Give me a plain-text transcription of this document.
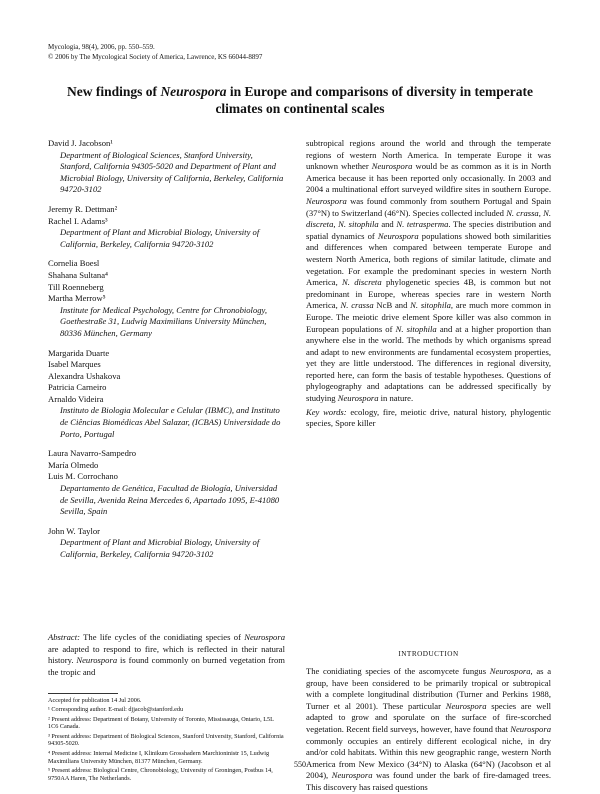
Mycologia, 98(4), 2006, pp. 550–559.
© 2006 by The Mycological Society of America, Lawrence, KS 66044-8897
New findings of Neurospora in Europe and comparisons of diversity in temperate climates on continental scales
David J. Jacobson¹
Department of Biological Sciences, Stanford University, Stanford, California 94305-5020 and Department of Plant and Microbial Biology, University of California, Berkeley, California 94720-3102
Jeremy R. Dettman²
Rachel I. Adams³
Department of Plant and Microbial Biology, University of California, Berkeley, California 94720-3102
Cornelia Boesl
Shahana Sultana⁴
Till Roenneberg
Martha Merrow⁵
Institute for Medical Psychology, Centre for Chronobiology, Goethestraße 31, Ludwig Maximilians University München, 80336 München, Germany
Margarida Duarte
Isabel Marques
Alexandra Ushakova
Patricia Carneiro
Arnaldo Videira
Instituto de Biologia Molecular e Celular (IBMC), and Instituto de Ciências Biomédicas Abel Salazar, (ICBAS) Universidade do Porto, Portugal
Laura Navarro-Sampedro
María Olmedo
Luis M. Corrochano
Departamento de Genética, Facultad de Biología, Universidad de Sevilla, Avenida Reina Mercedes 6, Apartado 1095, E-41080 Sevilla, Spain
John W. Taylor
Department of Plant and Microbial Biology, University of California, Berkeley, California 94720-3102

subtropical regions around the world and through the temperate regions of western North America. In temperate Europe it was unknown whether Neurospora would be as common as it is in North America because it has been reported only occasionally. In 2003 and 2004 a multinational effort surveyed wildfire sites in southern Europe. Neurospora was found commonly from southern Portugal and Spain (37°N) to Switzerland (46°N). Species collected included N. crassa, N. discreta, N. sitophila and N. tetrasperma. The species distribution and spatial dynamics of Neurospora populations showed both similarities and differences when compared between temperate Europe and western North America, both regions of similar latitude, climate and vegetation. For example the predominant species in western North America, N. discreta phylogenetic species 4B, is common but not predominant in Europe, whereas species rare in western North America, N. crassa NcB and N. sitophila, are much more common in Europe. The meiotic drive element Spore killer was also common in European populations of N. sitophila and at a higher proportion than anywhere else in the world. The methods by which organisms spread and adapt to new environments are fundamental ecosystem properties, yet they are little understood. The differences in regional diversity, reported here, can form the basis of testable hypotheses. Questions of phylogeography and adaptations can be addressed specifically by studying Neurospora in nature.

Key words: ecology, fire, meiotic drive, natural history, phylogentic species, Spore killer
Abstract: The life cycles of the conidiating species of Neurospora are adapted to respond to fire, which is reflected in their natural history. Neurospora is found commonly on burned vegetation from the tropic and

Accepted for publication 14 Jul 2006.

¹ Corresponding author. E-mail: djjacob@stanford.edu

² Present address: Department of Botany, University of Toronto, Mississauga, Ontario, L5L 1C6 Canada.

³ Present address: Department of Biological Sciences, Stanford University, Stanford, California 94305-5020.

⁴ Present address: Internal Medicine I, Klinikum Grosshadern Marchioninistr 15, Ludwig Maximilians University München, 81377 München, Germany.

⁵ Present address: Biological Centre, Chronobiology, University of Groningen, Postbus 14, 9750AA Haren, The Netherlands.

INTRODUCTION
The conidiating species of the ascomycete fungus Neurospora, as a group, have been considered to be primarily tropical or subtropical with a complete longitudinal distribution (Turner and Perkins 1988, Turner et al 2001). These particular Neurospora species are well adapted to grow and sporulate on the surface of fire-scorched vegetation. Recent field surveys, however, have found that Neurospora commonly occupies an entirely different ecological niche, in dry and/or cold habitats. Within this new geographic range, western North America from New Mexico (34°N) to Alaska (64°N) (Jacobson et al 2004), Neurospora was found under the bark of fire-damaged trees. This discovery has raised questions
550
